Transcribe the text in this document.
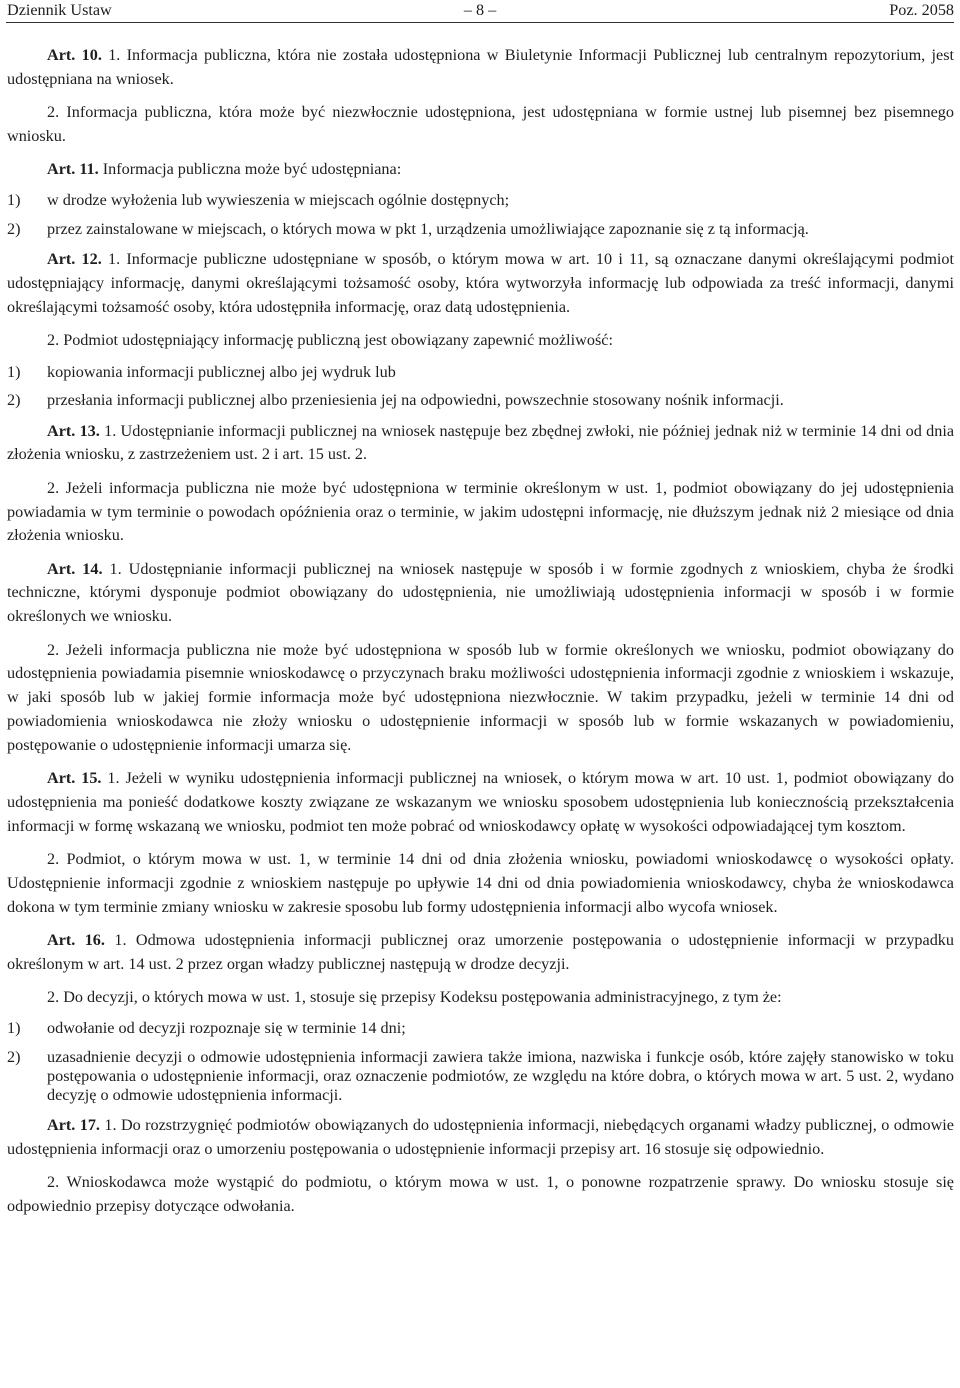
– 8 –
Dziennik Ustaw	Poz. 2058

Art. 10. 1. Informacja publiczna, która nie została udostępniona w Biuletynie Informacji Publicznej lub centralnym repozytorium, jest udostępniana na wniosek.

2. Informacja publiczna, która może być niezwłocznie udostępniona, jest udostępniana w formie ustnej lub pisemnej bez pisemnego wniosku.

Art. 11. Informacja publiczna może być udostępniana:

1)	w drodze wyłożenia lub wywieszenia w miejscach ogólnie dostępnych;
2)	przez zainstalowane w miejscach, o których mowa w pkt 1, urządzenia umożliwiające zapoznanie się z tą informacją.

Art. 12. 1. Informacje publiczne udostępniane w sposób, o którym mowa w art. 10 i 11, są oznaczane danymi określającymi podmiot udostępniający informację, danymi określającymi tożsamość osoby, która wytworzyła informację lub odpowiada za treść informacji, danymi określającymi tożsamość osoby, która udostępniła informację, oraz datą udostępnienia.

2. Podmiot udostępniający informację publiczną jest obowiązany zapewnić możliwość:

1)	kopiowania informacji publicznej albo jej wydruk lub
2)	przesłania informacji publicznej albo przeniesienia jej na odpowiedni, powszechnie stosowany nośnik informacji.

Art. 13. 1. Udostępnianie informacji publicznej na wniosek następuje bez zbędnej zwłoki, nie później jednak niż w terminie 14 dni od dnia złożenia wniosku, z zastrzeżeniem ust. 2 i art. 15 ust. 2.

2. Jeżeli informacja publiczna nie może być udostępniona w terminie określonym w ust. 1, podmiot obowiązany do jej udostępnienia powiadamia w tym terminie o powodach opóźnienia oraz o terminie, w jakim udostępni informację, nie dłuższym jednak niż 2 miesiące od dnia złożenia wniosku.

Art. 14. 1. Udostępnianie informacji publicznej na wniosek następuje w sposób i w formie zgodnych z wnioskiem, chyba że środki techniczne, którymi dysponuje podmiot obowiązany do udostępnienia, nie umożliwiają udostępnienia informacji w sposób i w formie określonych we wniosku.

2. Jeżeli informacja publiczna nie może być udostępniona w sposób lub w formie określonych we wniosku, podmiot obowiązany do udostępnienia powiadamia pisemnie wnioskodawcę o przyczynach braku możliwości udostępnienia informacji zgodnie z wnioskiem i wskazuje, w jaki sposób lub w jakiej formie informacja może być udostępniona niezwłocznie. W takim przypadku, jeżeli w terminie 14 dni od powiadomienia wnioskodawca nie złoży wniosku o udostępnienie informacji w sposób lub w formie wskazanych w powiadomieniu, postępowanie o udostępnienie informacji umarza się.

Art. 15. 1. Jeżeli w wyniku udostępnienia informacji publicznej na wniosek, o którym mowa w art. 10 ust. 1, podmiot obowiązany do udostępnienia ma ponieść dodatkowe koszty związane ze wskazanym we wniosku sposobem udostępnienia lub koniecznością przekształcenia informacji w formę wskazaną we wniosku, podmiot ten może pobrać od wnioskodawcy opłatę w wysokości odpowiadającej tym kosztom.

2. Podmiot, o którym mowa w ust. 1, w terminie 14 dni od dnia złożenia wniosku, powiadomi wnioskodawcę o wysokości opłaty. Udostępnienie informacji zgodnie z wnioskiem następuje po upływie 14 dni od dnia powiadomienia wnioskodawcy, chyba że wnioskodawca dokona w tym terminie zmiany wniosku w zakresie sposobu lub formy udostępnienia informacji albo wycofa wniosek.

Art. 16. 1. Odmowa udostępnienia informacji publicznej oraz umorzenie postępowania o udostępnienie informacji w przypadku określonym w art. 14 ust. 2 przez organ władzy publicznej następują w drodze decyzji.

2. Do decyzji, o których mowa w ust. 1, stosuje się przepisy Kodeksu postępowania administracyjnego, z tym że:

1)	odwołanie od decyzji rozpoznaje się w terminie 14 dni;
2)	uzasadnienie decyzji o odmowie udostępnienia informacji zawiera także imiona, nazwiska i funkcje osób, które zajęły stanowisko w toku postępowania o udostępnienie informacji, oraz oznaczenie podmiotów, ze względu na które dobra, o których mowa w art. 5 ust. 2, wydano decyzję o odmowie udostępnienia informacji.

Art. 17. 1. Do rozstrzygnięć podmiotów obowiązanych do udostępnienia informacji, niebędących organami władzy publicznej, o odmowie udostępnienia informacji oraz o umorzeniu postępowania o udostępnienie informacji przepisy art. 16 stosuje się odpowiednio.

2. Wnioskodawca może wystąpić do podmiotu, o którym mowa w ust. 1, o ponowne rozpatrzenie sprawy. Do wniosku stosuje się odpowiednio przepisy dotyczące odwołania.
